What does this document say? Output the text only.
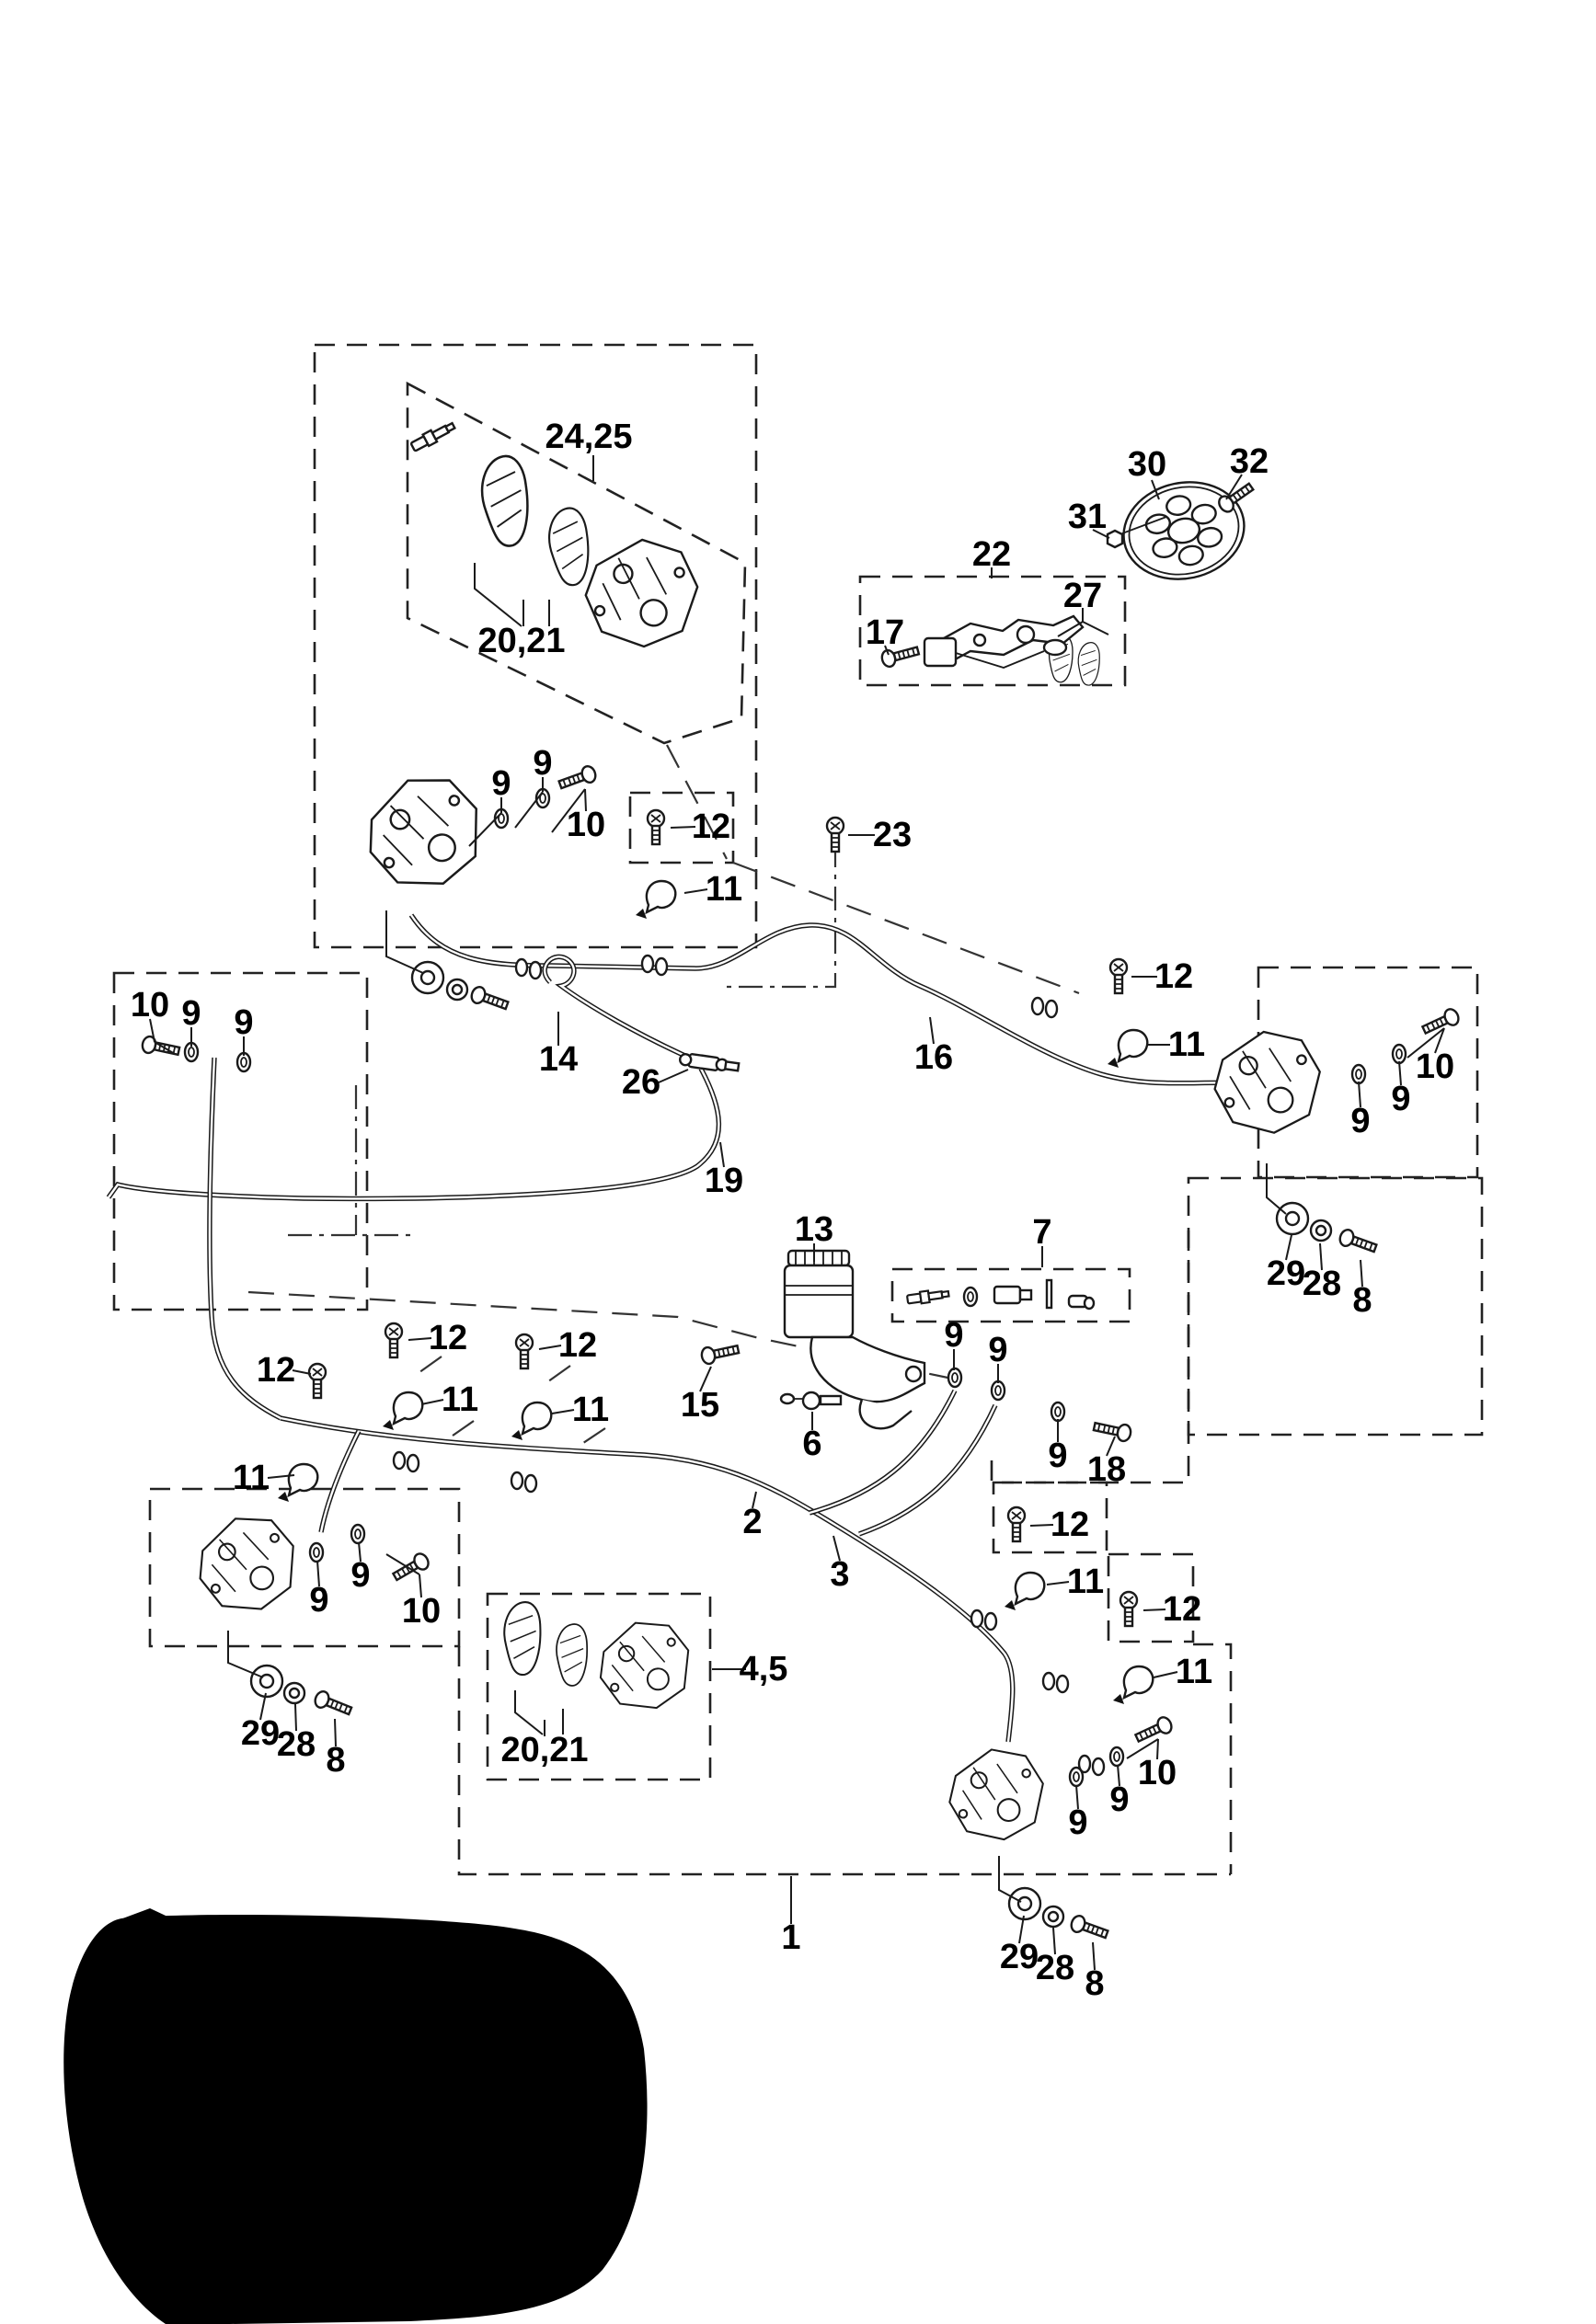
24,25
20,21
30 32
31
22
27
17
9
9
10 12	23
12
11
10 9 9
10
9
9
11
14
26
16
19
13	7
29
28 8
12	12
12
11	11
11
15
6
9 9
9 18
2
3
12
11
12
11
9
9 10
29
28 8
4,5
20,21
9
9
10
1	29
28 8
